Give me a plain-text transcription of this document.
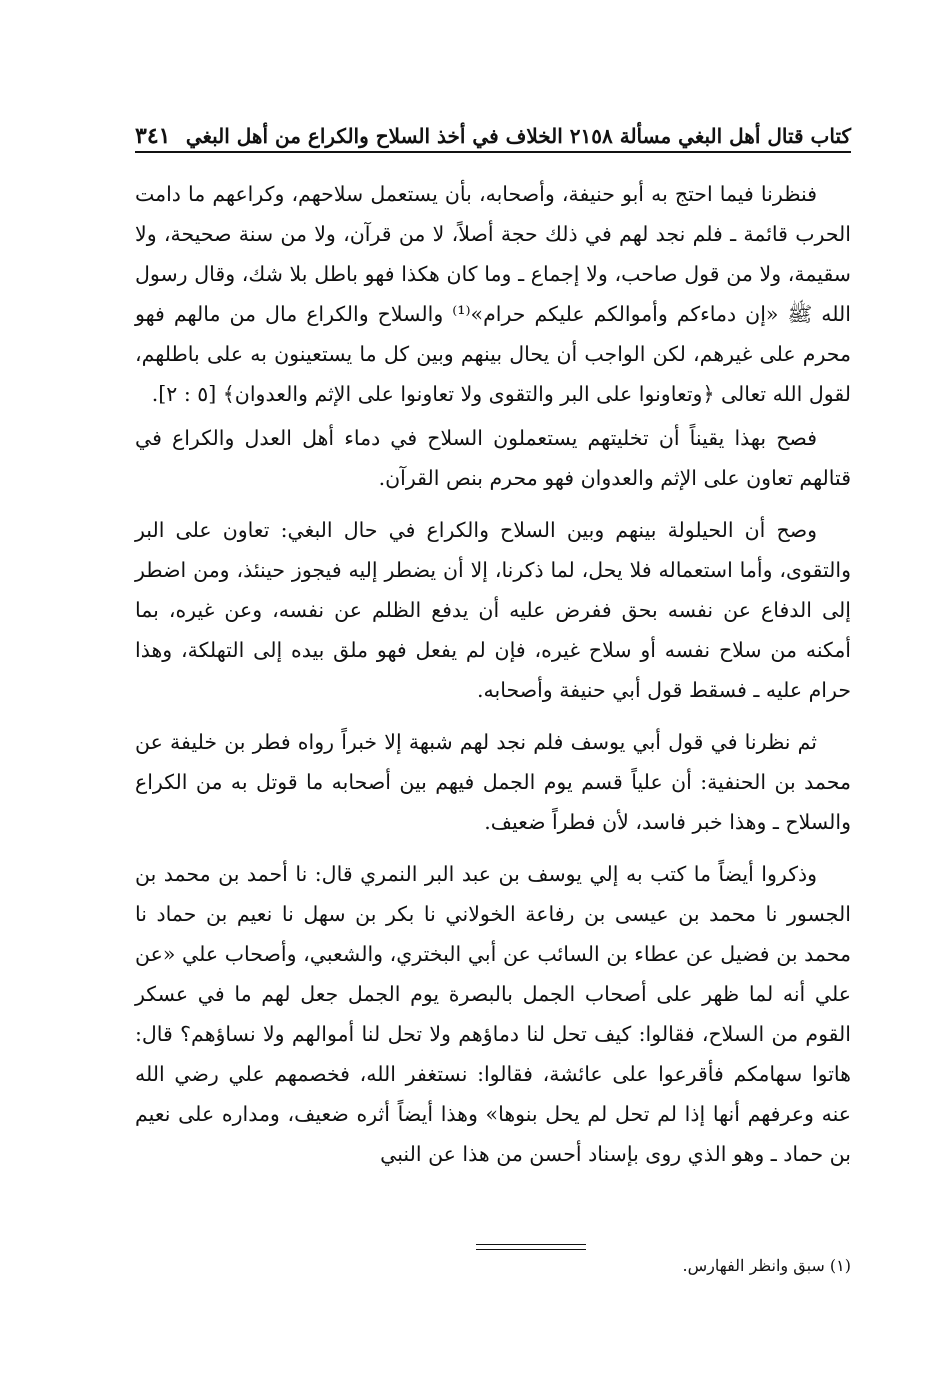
٣٤١ كتاب قتال أهل البغي مسألة ٢١٥٨ الخلاف في أخذ السلاح والكراع من أهل البغي

فنظرنا فيما احتج به أبو حنيفة، وأصحابه، بأن يستعمل سلاحهم، وكراعهم ما دامت الحرب قائمة ـ فلم نجد لهم في ذلك حجة أصلاً، لا من قرآن، ولا من سنة صحيحة، ولا سقيمة، ولا من قول صاحب، ولا إجماع ـ وما كان هكذا فهو باطل بلا شك، وقال رسول الله ﷺ «إن دماءكم وأموالكم عليكم حرام»⁽¹⁾ والسلاح والكراع مال من مالهم فهو محرم على غيرهم، لكن الواجب أن يحال بينهم وبين كل ما يستعينون به على باطلهم، لقول الله تعالى ﴿وتعاونوا على البر والتقوى ولا تعاونوا على الإثم والعدوان﴾ [٥ : ٢].

فصح بهذا يقيناً أن تخليتهم يستعملون السلاح في دماء أهل العدل والكراع في قتالهم تعاون على الإثم والعدوان فهو محرم بنص القرآن.

وصح أن الحيلولة بينهم وبين السلاح والكراع في حال البغي: تعاون على البر والتقوى، وأما استعماله فلا يحل، لما ذكرنا، إلا أن يضطر إليه فيجوز حينئذ، ومن اضطر إلى الدفاع عن نفسه بحق ففرض عليه أن يدفع الظلم عن نفسه، وعن غيره، بما أمكنه من سلاح نفسه أو سلاح غيره، فإن لم يفعل فهو ملق بيده إلى التهلكة، وهذا حرام عليه ـ فسقط قول أبي حنيفة وأصحابه.

ثم نظرنا في قول أبي يوسف فلم نجد لهم شبهة إلا خبراً رواه فطر بن خليفة عن محمد بن الحنفية: أن علياً قسم يوم الجمل فيهم بين أصحابه ما قوتل به من الكراع والسلاح ـ وهذا خبر فاسد، لأن فطراً ضعيف.

وذكروا أيضاً ما كتب به إلي يوسف بن عبد البر النمري قال: نا أحمد بن محمد بن الجسور نا محمد بن عيسى بن رفاعة الخولاني نا بكر بن سهل نا نعيم بن حماد نا محمد بن فضيل عن عطاء بن السائب عن أبي البختري، والشعبي، وأصحاب علي «عن علي أنه لما ظهر على أصحاب الجمل بالبصرة يوم الجمل جعل لهم ما في عسكر القوم من السلاح، فقالوا: كيف تحل لنا دماؤهم ولا تحل لنا أموالهم ولا نساؤهم؟ قال: هاتوا سهامكم فأقرعوا على عائشة، فقالوا: نستغفر الله، فخصمهم علي رضي الله عنه وعرفهم أنها إذا لم تحل لم يحل بنوها» وهذا أيضاً أثره ضعيف، ومداره على نعيم بن حماد ـ وهو الذي روى بإسناد أحسن من هذا عن النبي

(١) سبق وانظر الفهارس.
